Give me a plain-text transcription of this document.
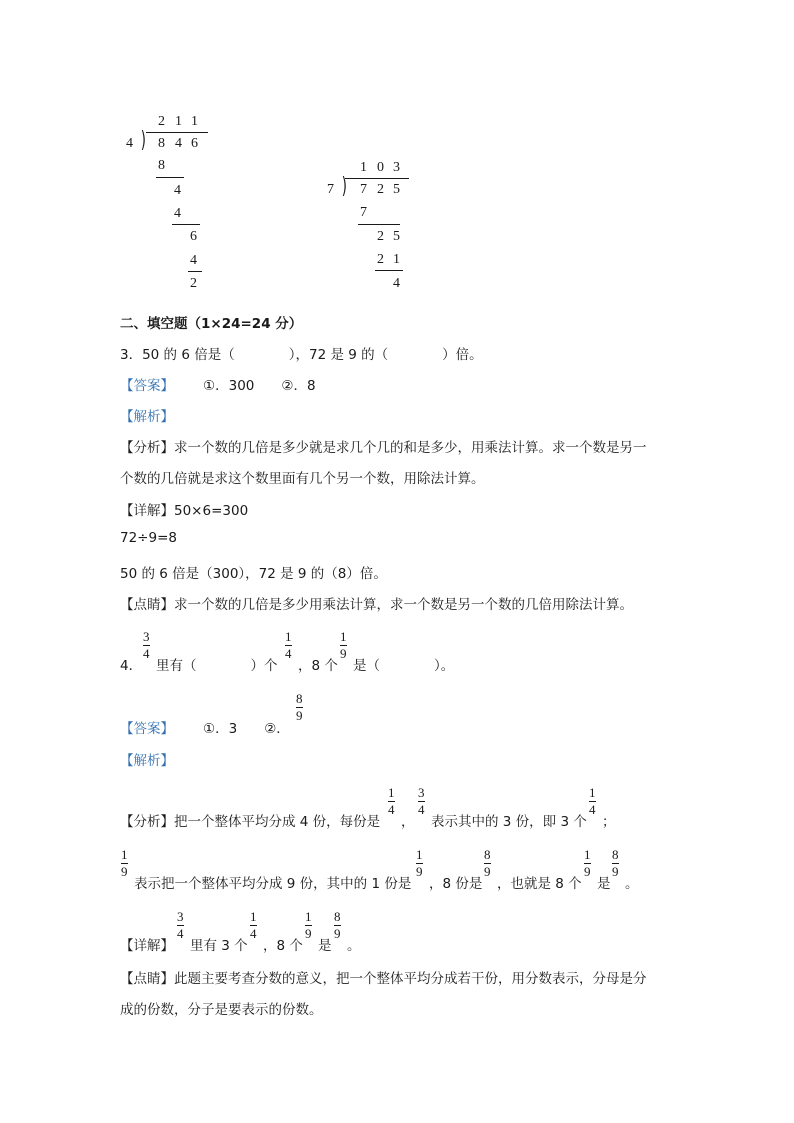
2 1 1
4 ) 8 4 6
8
4
4
6
4
2
1 0 3
7 ) 7 2 5
7
2 5
2 1
4
二、填空题（1×24=24 分）
3．50 的 6 倍是（　　　　），72 是 9 的（　　　　）倍。
【答案】 ①．300　　②．8
【解析】
【分析】求一个数的几倍是多少就是求几个几的和是多少，用乘法计算。求一个数是另一
个数的几倍就是求这个数里面有几个另一个数，用除法计算。
【详解】50×6=300
72÷9=8
50 的 6 倍是（300），72 是 9 的（8）倍。
【点睛】求一个数的几倍是多少用乘法计算，求一个数是另一个数的几倍用除法计算。
4．
3
4
里有（　　　　）个
1
4
，8 个
1
9
是（　　　　）。
【答案】 ①．3　　②．
8
9
【解析】
【分析】把一个整体平均分成 4 份，每份是
1
4
，
3
4
表示其中的 3 份，即 3 个
1
4
；
1
9
表示把一个整体平均分成 9 份，其中的 1 份是
1
9
，8 份是
8
9
，也就是 8 个
1
9
是
8
9
。
【详解】
3
4
里有 3 个
1
4
，8 个
1
9
是
8
9
。
【点睛】此题主要考查分数的意义，把一个整体平均分成若干份，用分数表示，分母是分
成的份数，分子是要表示的份数。
